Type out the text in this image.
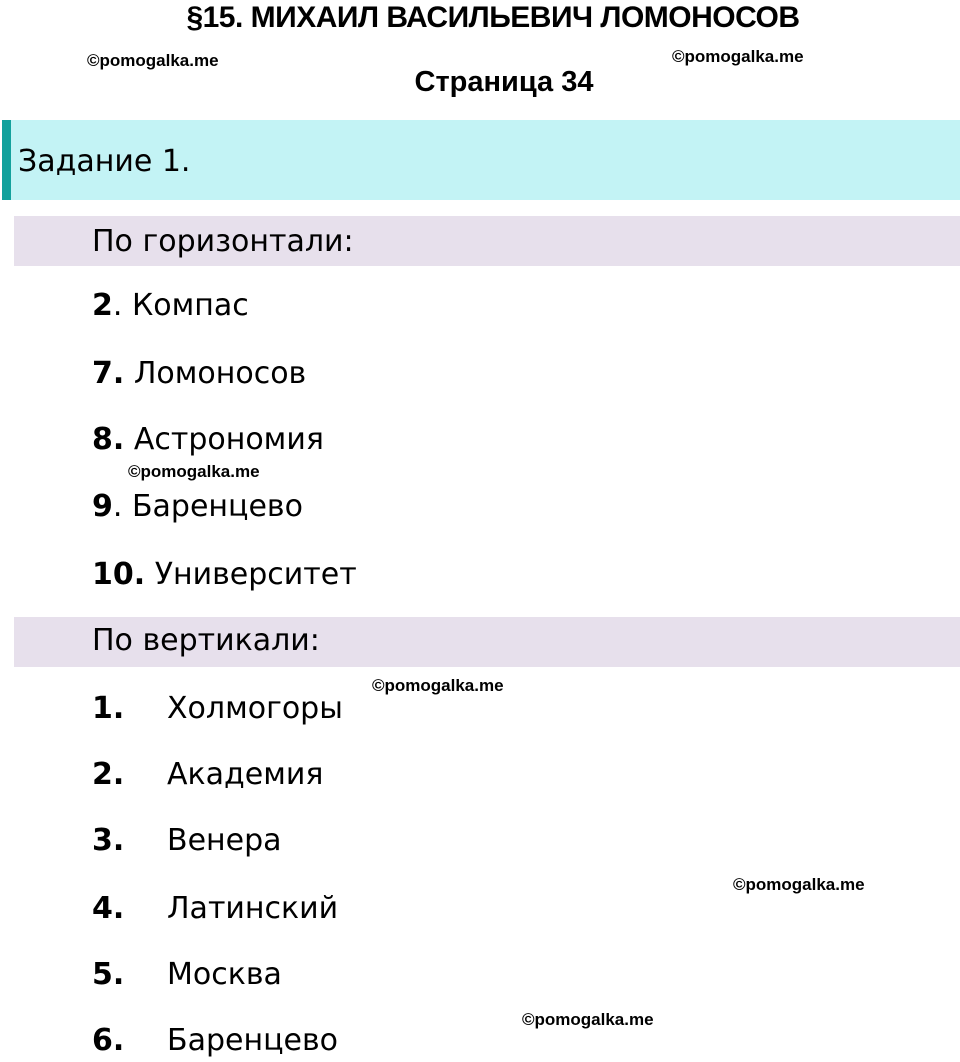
§15. МИХАИЛ ВАСИЛЬЕВИЧ ЛОМОНОСОВ
Страница 34
©pomogalka.me	©pomogalka.me
©pomogalka.me
©pomogalka.me
©pomogalka.me
©pomogalka.me
Задание 1.
По горизонтали:
2. Компас
7. Ломоносов
8. Астрономия
9. Баренцево
10. Университет
По вертикали:
1. Холмогоры
2. Академия
3. Венера
4. Латинский
5. Москва
6. Баренцево
